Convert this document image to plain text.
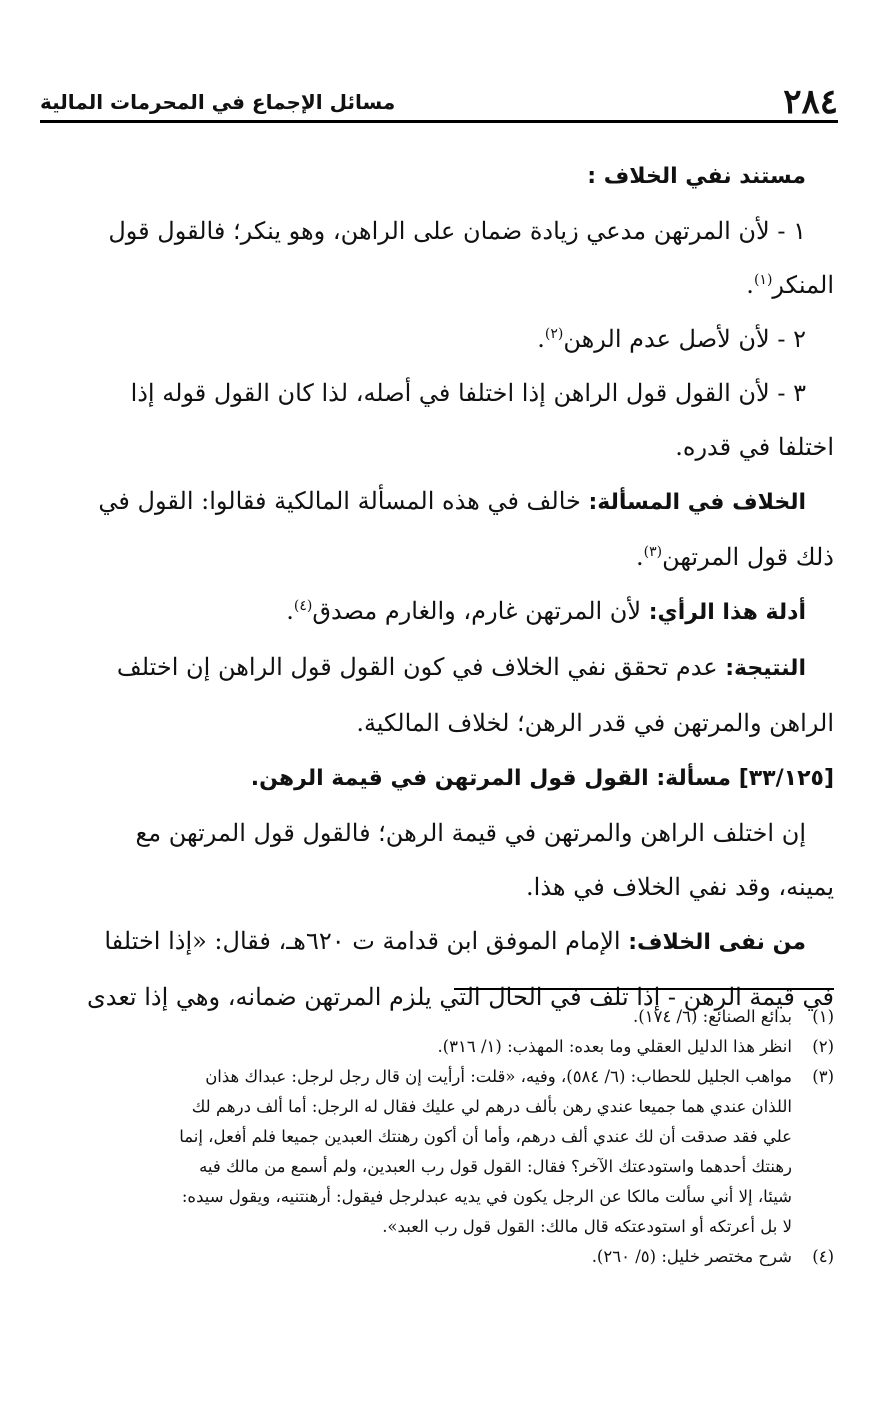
٢٨٤
مسائل الإجماع في المحرمات المالية

مستند نفي الخلاف :

١ - لأن المرتهن مدعي زيادة ضمان على الراهن، وهو ينكر؛ فالقول قول

المنكر$^{(١)}$.

٢ - لأن لأصل عدم الرهن$^{(٢)}$.

٣ - لأن القول قول الراهن إذا اختلفا في أصله، لذا كان القول قوله إذا

اختلفا في قدره.

الخلاف في المسألة: خالف في هذه المسألة المالكية فقالوا: القول في

ذلك قول المرتهن$^{(٣)}$.

أدلة هذا الرأي: لأن المرتهن غارم، والغارم مصدق$^{(٤)}$.

النتيجة: عدم تحقق نفي الخلاف في كون القول قول الراهن إن اختلف

الراهن والمرتهن في قدر الرهن؛ لخلاف المالكية.

[٣٣/١٢٥] مسألة: القول قول المرتهن في قيمة الرهن.

إن اختلف الراهن والمرتهن في قيمة الرهن؛ فالقول قول المرتهن مع

يمينه، وقد نفي الخلاف في هذا.

من نفى الخلاف: الإمام الموفق ابن قدامة ت ٦٢٠هـ، فقال: «إذا اختلفا

في قيمة الرهن - إذا تلف في الحال التي يلزم المرتهن ضمانه، وهي إذا تعدى

(١)
بدائع الصنائع: (٦/ ١٧٤).
(٢)
انظر هذا الدليل العقلي وما بعده: المهذب: (١/ ٣١٦).
(٣)
مواهب الجليل للحطاب: (٦/ ٥٨٤)، وفيه، «قلت: أرأيت إن قال رجل لرجل: عبداك هذان
اللذان عندي هما جميعا عندي رهن بألف درهم لي عليك فقال له الرجل: أما ألف درهم لك
علي فقد صدقت أن لك عندي ألف درهم، وأما أن أكون رهنتك العبدين جميعا فلم أفعل، إنما
رهنتك أحدهما واستودعتك الآخر؟ فقال: القول قول رب العبدين، ولم أسمع من مالك فيه
شيئا، إلا أني سألت مالكا عن الرجل يكون في يديه عبدلرجل فيقول: أرهنتنيه، ويقول سيده:
لا بل أعرتكه أو استودعتكه قال مالك: القول قول رب العبد».
(٤)
شرح مختصر خليل: (٥/ ٢٦٠).
